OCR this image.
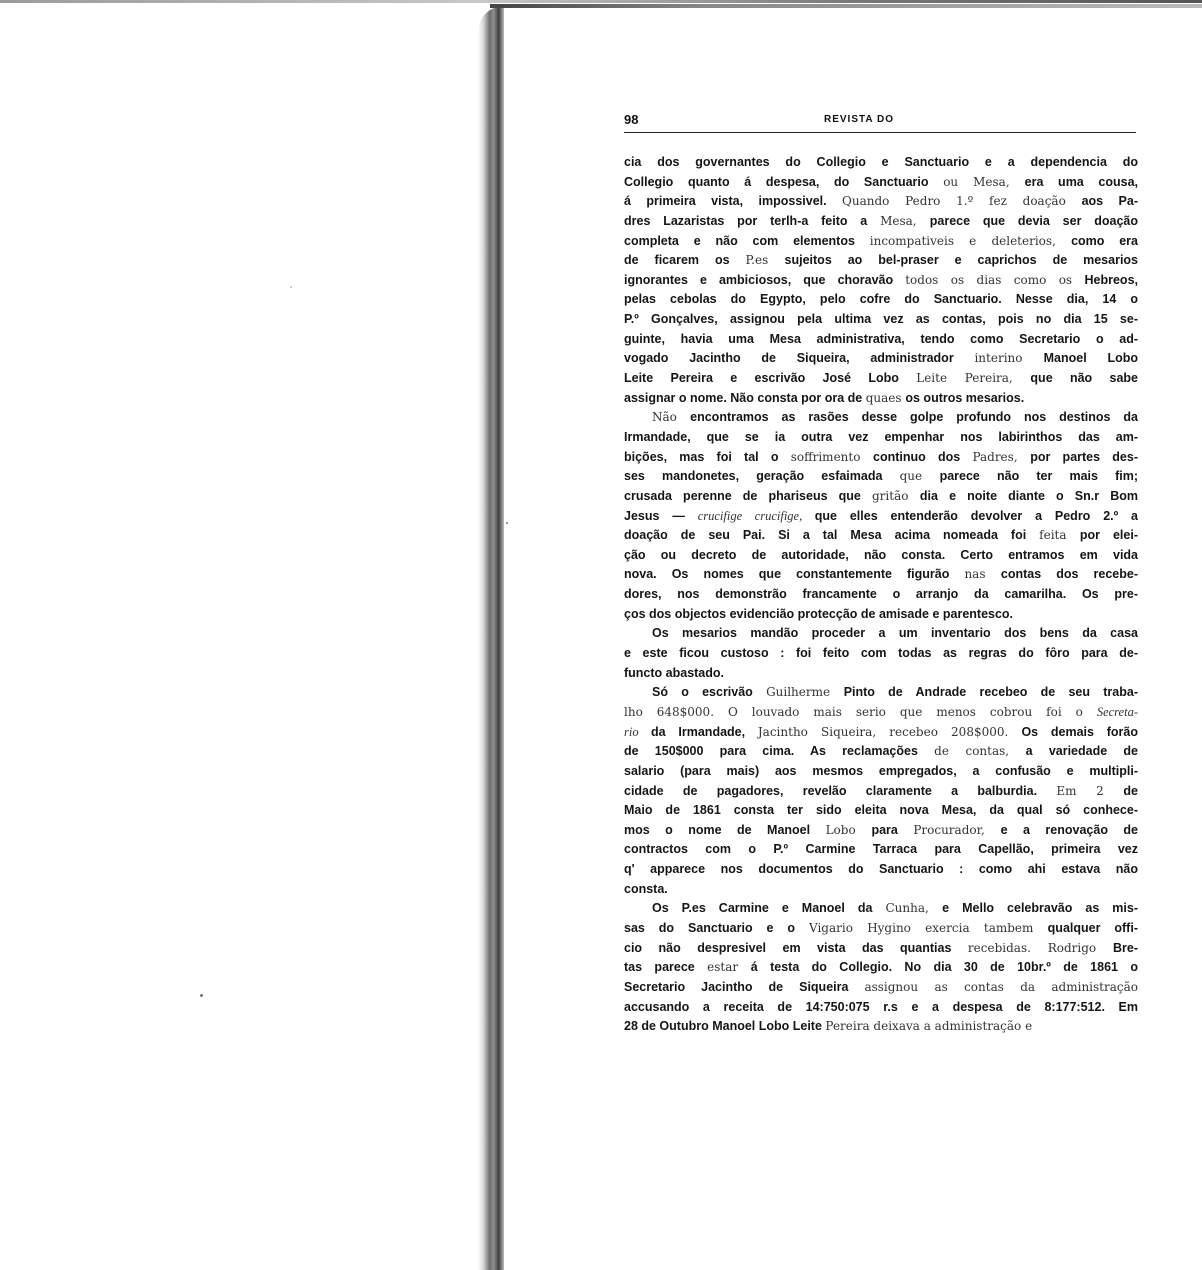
98	REVISTA DO
cia dos governantes do Collegio e Sanctuario e a dependencia do
Collegio quanto á despesa, do Sanctuario ou Mesa, era uma cousa,
á primeira vista, impossivel. Quando Pedro 1.º fez doação aos Pa-
dres Lazaristas por terlh-a feito a Mesa, parece que devia ser doação
completa e não com elementos incompativeis e deleterios, como era
de ficarem os P.es sujeitos ao bel-praser e caprichos de mesarios
ignorantes e ambiciosos, que choravão todos os dias como os Hebreos,
pelas cebolas do Egypto, pelo cofre do Sanctuario. Nesse dia, 14 o
P.º Gonçalves, assignou pela ultima vez as contas, pois no dia 15 se-
guinte, havia uma Mesa administrativa, tendo como Secretario o ad-
vogado Jacintho de Siqueira, administrador interino Manoel Lobo
Leite Pereira e escrivão José Lobo Leite Pereira, que não sabe
assignar o nome. Não consta por ora de quaes os outros mesarios.
Não encontramos as rasões desse golpe profundo nos destinos da
Irmandade, que se ia outra vez empenhar nos labirinthos das am-
bições, mas foi tal o soffrimento continuo dos Padres, por partes des-
ses mandonetes, geração esfaimada que parece não ter mais fim;
crusada perenne de phariseus que gritão dia e noite diante o Sn.r Bom
Jesus — crucifige crucifige, que elles entenderão devolver a Pedro 2.º a
doação de seu Pai. Si a tal Mesa acima nomeada foi feita por elei-
ção ou decreto de autoridade, não consta. Certo entramos em vida
nova. Os nomes que constantemente figurão nas contas dos recebe-
dores, nos demonstrão francamente o arranjo da camarilha. Os pre-
ços dos objectos evidencião protecção de amisade e parentesco.
Os mesarios mandão proceder a um inventario dos bens da casa
e este ficou custoso : foi feito com todas as regras do fôro para de-
functo abastado.
Só o escrivão Guilherme Pinto de Andrade recebeo de seu traba-
lho 648$000. O louvado mais serio que menos cobrou foi o Secreta-
rio da Irmandade, Jacintho Siqueira, recebeo 208$000. Os demais forão
de 150$000 para cima. As reclamações de contas, a variedade de
salario (para mais) aos mesmos empregados, a confusão e multipli-
cidade de pagadores, revelão claramente a balburdia. Em 2 de
Maio de 1861 consta ter sido eleita nova Mesa, da qual só conhece-
mos o nome de Manoel Lobo para Procurador, e a renovação de
contractos com o P.º Carmine Tarraca para Capellão, primeira vez
q' apparece nos documentos do Sanctuario : como ahi estava não
consta.
Os P.es Carmine e Manoel da Cunha, e Mello celebravão as mis-
sas do Sanctuario e o Vigario Hygino exercia tambem qualquer offi-
cio não despresivel em vista das quantias recebidas. Rodrigo Bre-
tas parece estar á testa do Collegio. No dia 30 de 10br.º de 1861 o
Secretario Jacintho de Siqueira assignou as contas da administração
accusando a receita de 14:750:075 r.s e a despesa de 8:177:512. Em
28 de Outubro Manoel Lobo Leite Pereira deixava a administração e
